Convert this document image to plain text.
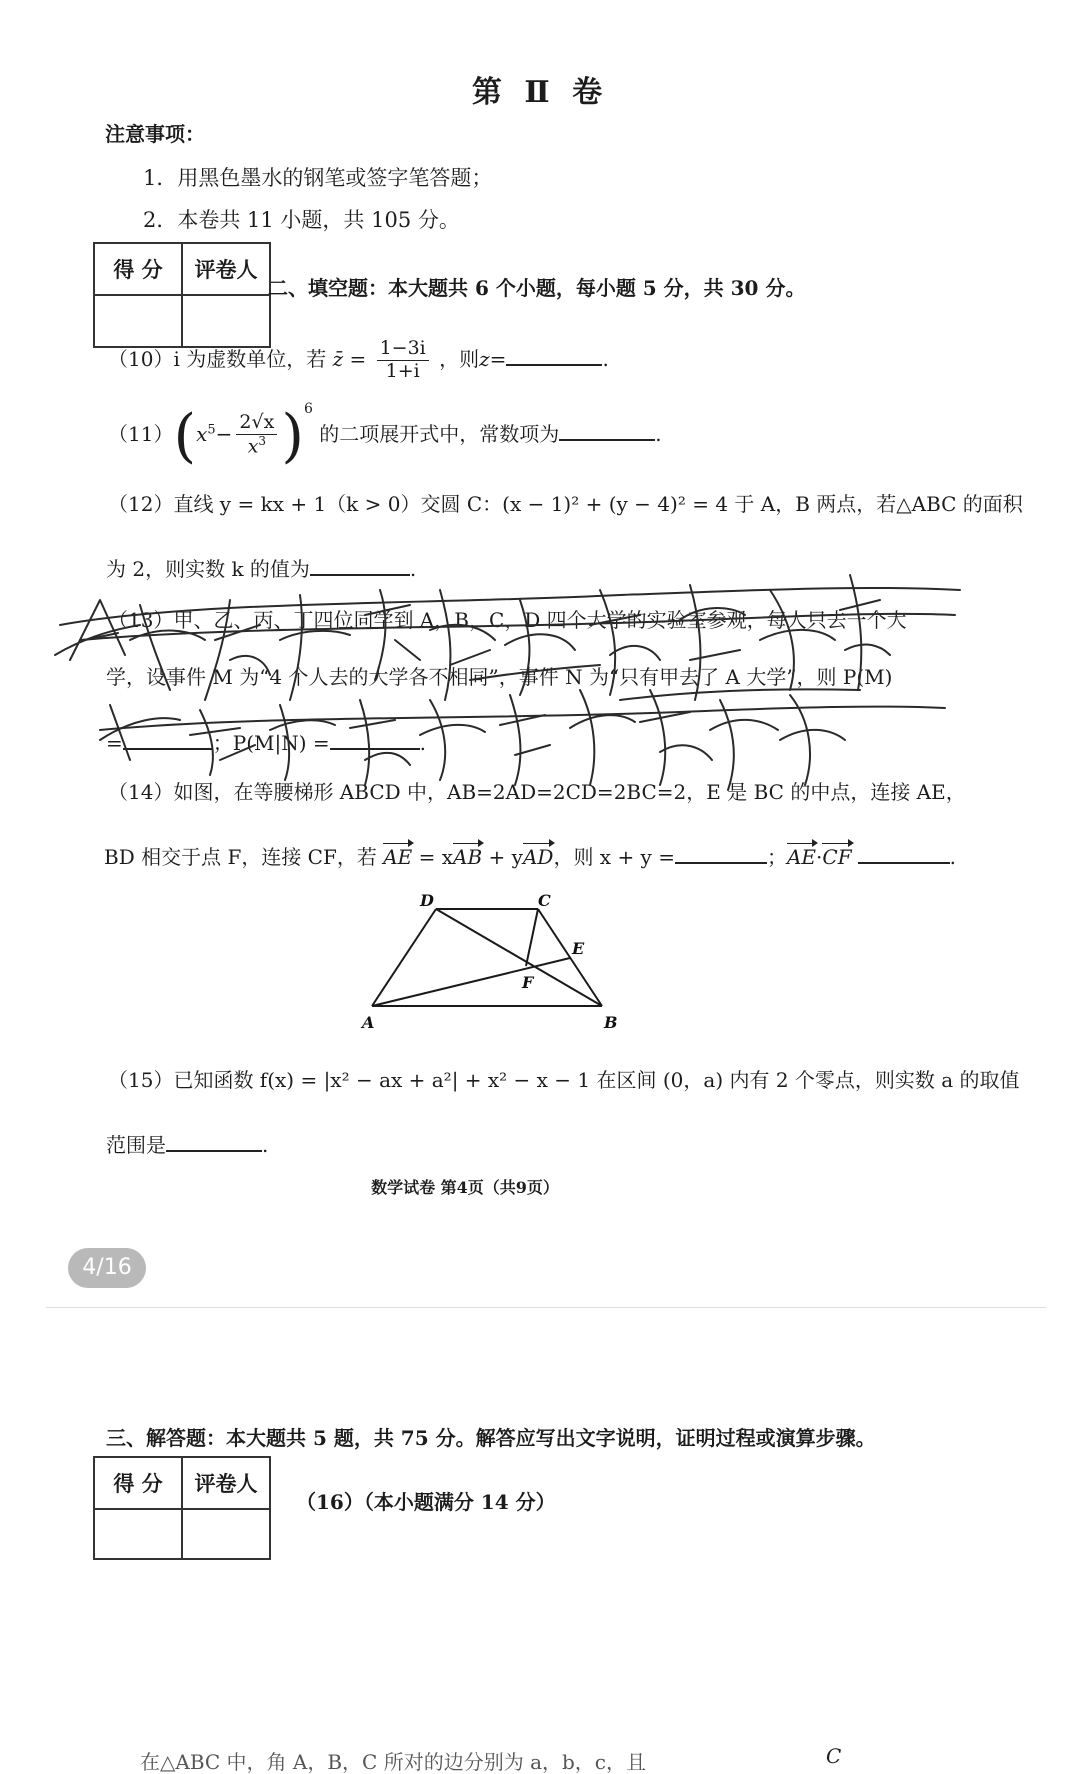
第 Ⅱ 卷
注意事项：
1．用黑色墨水的钢笔或签字笔答题；
2．本卷共 11 小题，共 105 分。
得 分	评卷人

二、填空题：本大题共 6 个小题，每小题 5 分，共 30 分。
（10）i 为虚数单位，若 z̄ = $\frac{1-3i}{1+i}$ ，则z=	.
$(11)(x^5- \frac{2√x}{x^3} )^6$ 的二项展开式中，常数项为	.
（12）直线 y = kx + 1（k > 0）交圆 C：(x − 1)² + (y − 4)² = 4 于 A，B 两点，若△ABC 的面积
为 2，则实数 k 的值为	.
（13）甲、乙、丙、丁四位同学到 A，B，C，D 四个大学的实验室参观，每人只去一个大
学，设事件 M 为“4 个人去的大学各不相同”，事件 N 为“只有甲去了 A 大学”，则 P(M)
=	；P(M|N) =	.
（14）如图，在等腰梯形 ABCD 中，AB=2AD=2CD=2BC=2，E 是 BC 的中点，连接 AE，
BD 相交于点 F，连接 CF，若 AE = xAB + yAD，则 x + y =	；AE·CF	.
D	C
E
F
A	B
（15）已知函数 f(x) = |x² − ax + a²| + x² − x − 1 在区间 (0，a) 内有 2 个零点，则实数 a 的取值
范围是	.
数学试卷 第4页（共9页）
4/16
三、解答题：本大题共 5 题，共 75 分。解答应写出文字说明，证明过程或演算步骤。
得 分	评卷人

（16）（本小题满分 14 分）
在△ABC 中，角 A，B，C 所对的边分别为 a，b，c，且	C
